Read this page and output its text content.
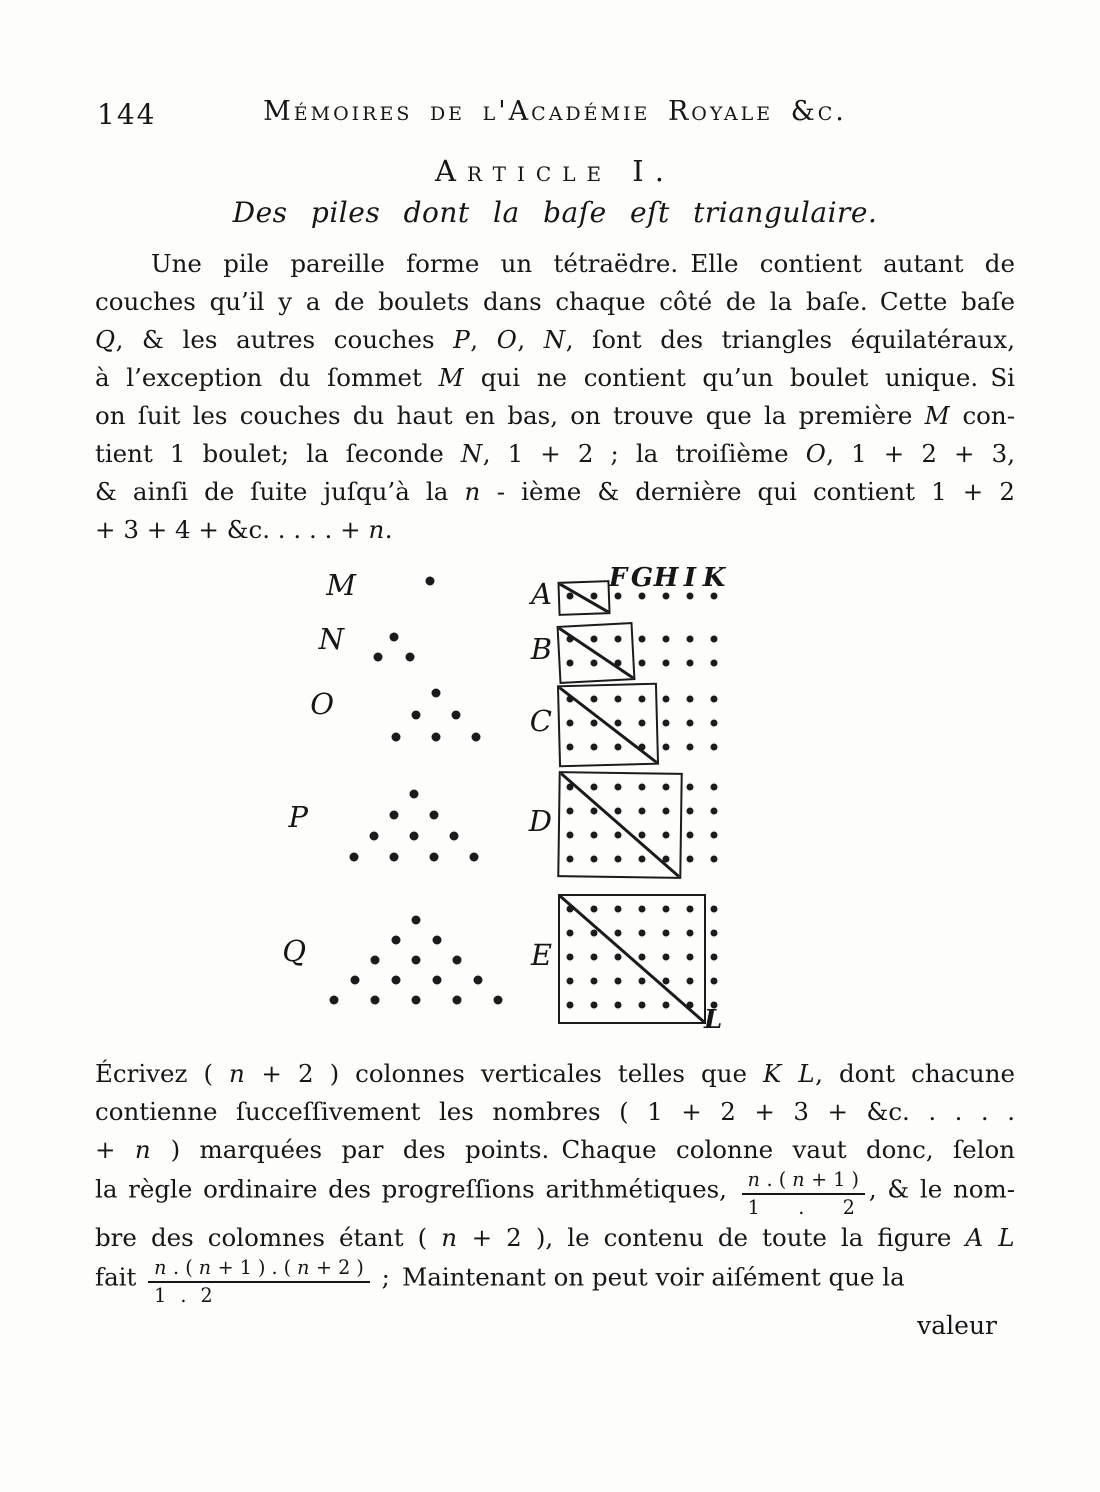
144	Mémoires de l'Académie Royale &c.
Article I.
Des piles dont la baſe eſt triangulaire.
Une pile pareille forme un tétraëdre. Elle contient autant de
couches qu’il y a de boulets dans chaque côté de la baſe. Cette baſe
Q, & les autres couches P, O, N, ſont des triangles équilatéraux,
à l’exception du ſommet M qui ne contient qu’un boulet unique. Si
on ſuit les couches du haut en bas, on trouve que la première M con-
tient 1 boulet; la ſeconde N, 1 + 2 ; la troiſième O, 1 + 2 + 3,
& ainſi de ſuite juſqu’à la n - ième & dernière qui contient 1 + 2
+ 3 + 4 + &c. . . . . + n.
M
N
O
P
Q
F G H I K
A
B
C
D
E
L
Écrivez ( n + 2 ) colonnes verticales telles que K L, dont chacune
contienne ſucceſſivement les nombres ( 1 + 2 + 3 + &c. . . . .
+ n ) marquées par des points. Chaque colonne vaut donc, ſelon
la règle ordinaire des progreſſions arithmétiques, $\frac{n . ( n + 1 )}{1 . 2}$ , & le nom-
bre des colomnes étant ( n + 2 ), le contenu de toute la figure A L
fait $\frac{n . ( n + 1 ) . ( n + 2 )}{1 . 2}$ ; Maintenant on peut voir aiſément que la
valeur
